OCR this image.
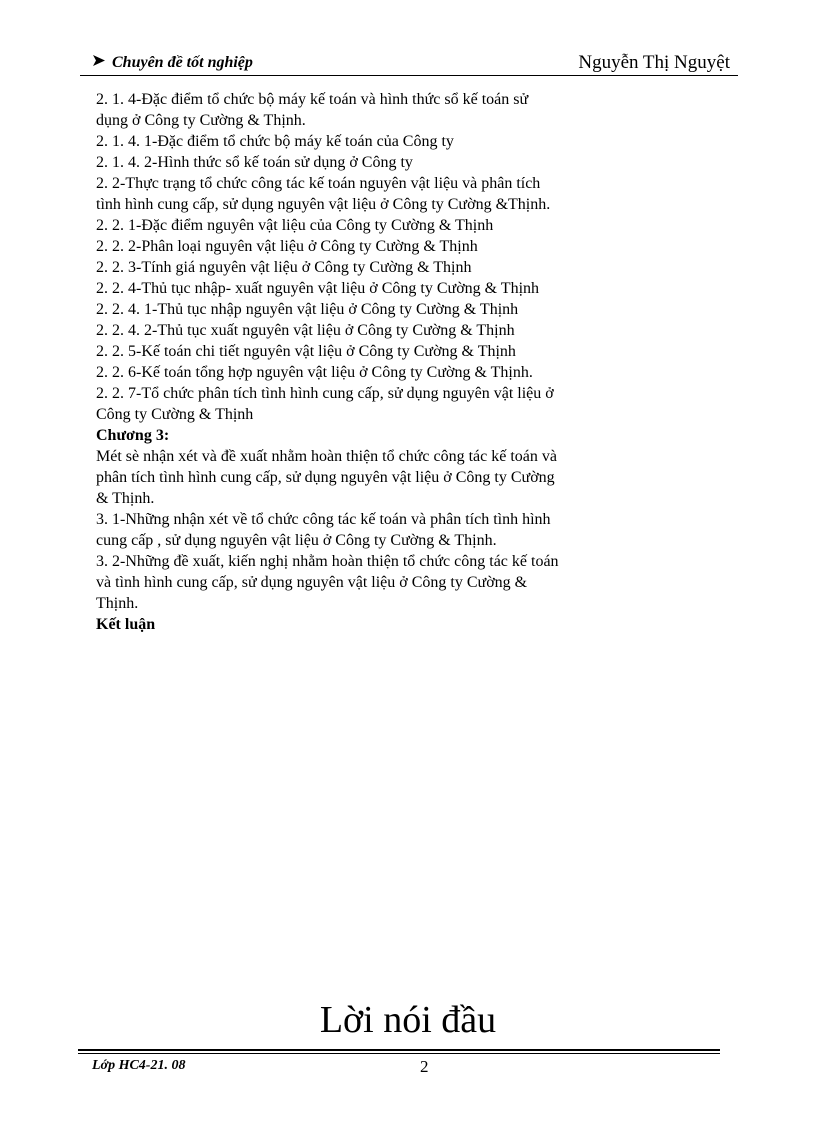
Chuyên đề tốt nghiệp	Nguyễn Thị Nguyệt
2. 1. 4-Đặc điểm tổ chức bộ máy kế toán và hình thức sổ kế toán sử
dụng ở Công ty Cường & Thịnh.
2. 1. 4. 1-Đặc điểm tổ chức bộ máy kế toán của Công ty
2. 1. 4. 2-Hình thức sổ kế toán sử dụng ở Công ty
2. 2-Thực trạng tổ chức công tác kế toán nguyên vật liệu và phân tích
tình hình cung cấp, sử dụng nguyên vật liệu ở Công ty Cường &Thịnh.
2. 2. 1-Đặc điểm nguyên vật liệu của Công ty Cường & Thịnh
2. 2. 2-Phân loại nguyên vật liệu ở Công ty Cường & Thịnh
2. 2. 3-Tính giá nguyên vật liệu ở Công ty Cường & Thịnh
2. 2. 4-Thủ tục nhập- xuất nguyên vật liệu ở Công ty Cường & Thịnh
2. 2. 4. 1-Thủ tục nhập nguyên vật liệu ở Công ty Cường & Thịnh
2. 2. 4. 2-Thủ tục xuất nguyên vật liệu ở Công ty Cường & Thịnh
2. 2. 5-Kế toán chi tiết nguyên vật liệu ở Công ty Cường & Thịnh
2. 2. 6-Kế toán tổng hợp nguyên vật liệu ở Công ty Cường & Thịnh.
2. 2. 7-Tổ chức phân tích tình hình cung cấp, sử dụng nguyên vật liệu ở
Công ty Cường & Thịnh
Chương 3:
Mét sè nhận xét và đề xuất nhằm hoàn thiện tổ chức công tác kế toán và
phân tích tình hình cung cấp, sử dụng nguyên vật liệu ở Công ty Cường
& Thịnh.
3. 1-Những nhận xét về tổ chức công tác kế toán và phân tích tình hình
cung cấp , sử dụng nguyên vật liệu ở Công ty Cường & Thịnh.
3. 2-Những đề xuất, kiến nghị nhằm hoàn thiện tổ chức công tác kế toán
và tình hình cung cấp, sử dụng nguyên vật liệu ở Công ty Cường &
Thịnh.
Kết luận
Lời nói đầu
Lớp HC4-21. 08	2
